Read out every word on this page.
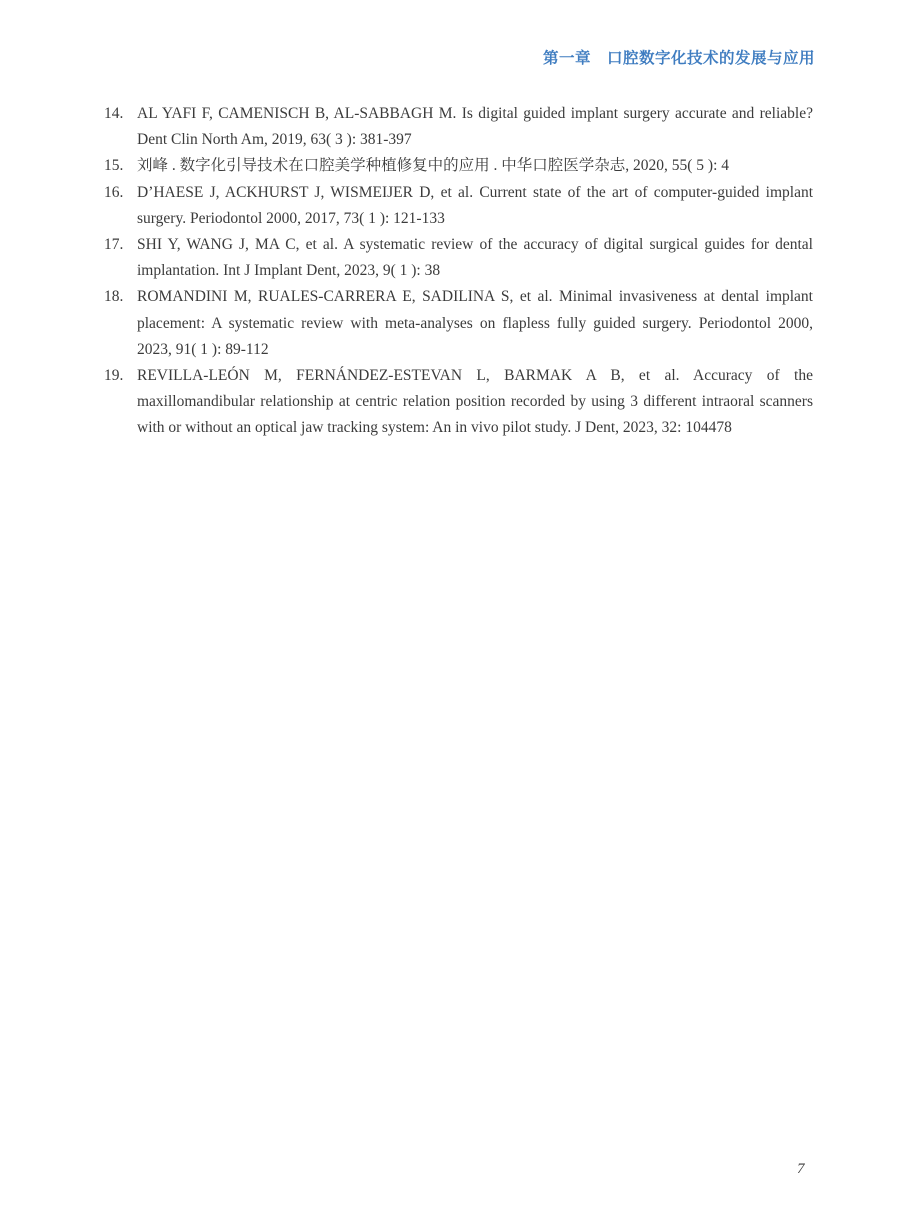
第一章　口腔数字化技术的发展与应用
14. AL YAFI F, CAMENISCH B, AL-SABBAGH M. Is digital guided implant surgery accurate and reliable? Dent Clin North Am, 2019, 63( 3 ): 381-397
15. 刘峰 . 数字化引导技术在口腔美学种植修复中的应用 . 中华口腔医学杂志, 2020, 55( 5 ): 4
16. D’HAESE J, ACKHURST J, WISMEIJER D, et al. Current state of the art of computer-guided implant surgery. Periodontol 2000, 2017, 73( 1 ): 121-133
17. SHI Y, WANG J, MA C, et al. A systematic review of the accuracy of digital surgical guides for dental implantation. Int J Implant Dent, 2023, 9( 1 ): 38
18. ROMANDINI M, RUALES-CARRERA E, SADILINA S, et al. Minimal invasiveness at dental implant placement: A systematic review with meta-analyses on flapless fully guided surgery. Periodontol 2000, 2023, 91( 1 ): 89-112
19. REVILLA-LEÓN M, FERNÁNDEZ-ESTEVAN L, BARMAK A B, et al. Accuracy of the maxillomandibular relationship at centric relation position recorded by using 3 different intraoral scanners with or without an optical jaw tracking system: An in vivo pilot study. J Dent, 2023, 32: 104478
7
